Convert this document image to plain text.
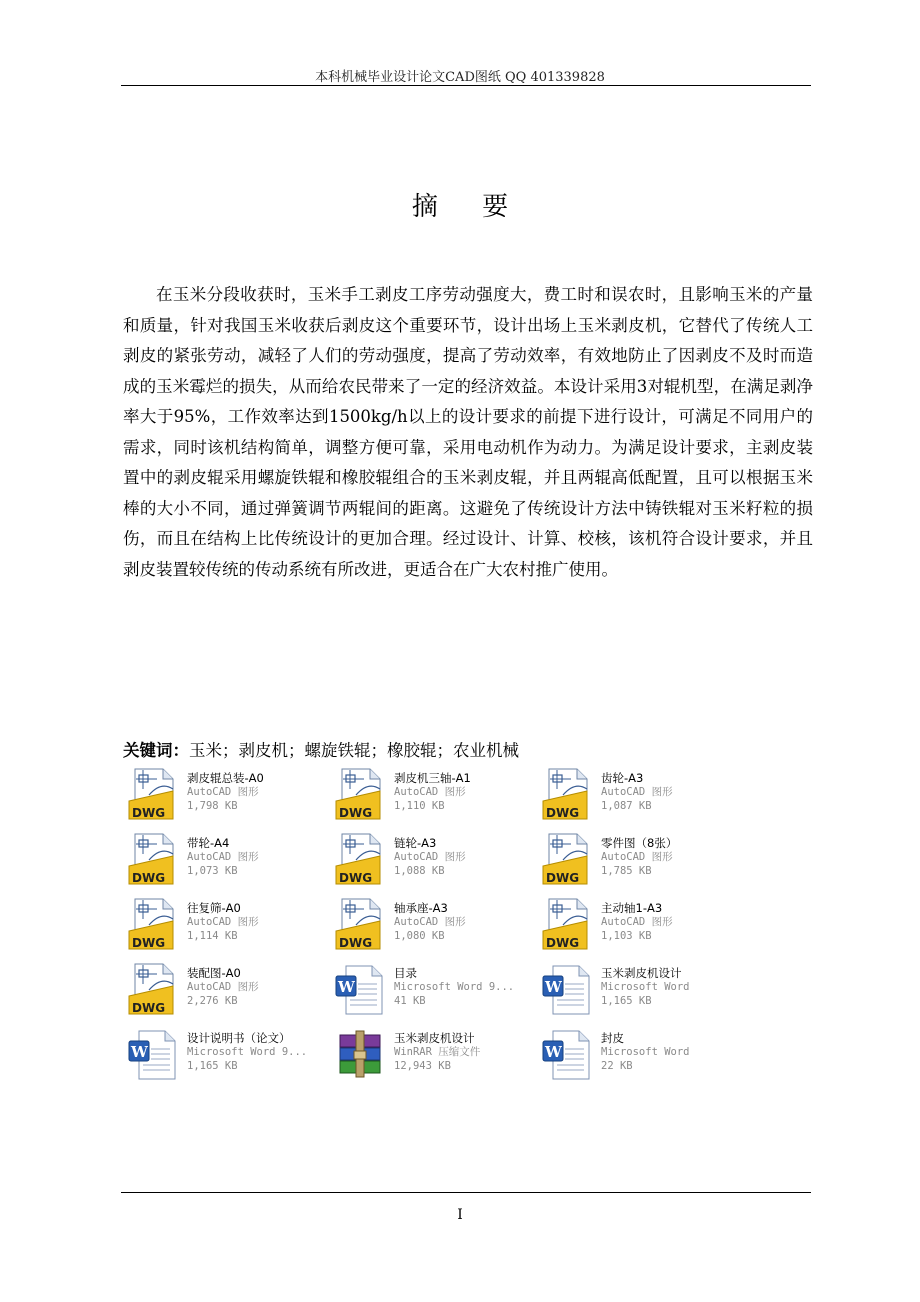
本科机械毕业设计论文CAD图纸 QQ 401339828
摘 要

在玉米分段收获时，玉米手工剥皮工序劳动强度大，费工时和误农时，且影响玉米的产量和质量，针对我国玉米收获后剥皮这个重要环节，设计出场上玉米剥皮机，它替代了传统人工剥皮的紧张劳动，减轻了人们的劳动强度，提高了劳动效率，有效地防止了因剥皮不及时而造成的玉米霉烂的损失，从而给农民带来了一定的经济效益。本设计采用3对辊机型，在满足剥净率大于95%，工作效率达到1500kg/h以上的设计要求的前提下进行设计，可满足不同用户的需求，同时该机结构简单，调整方便可靠，采用电动机作为动力。为满足设计要求，主剥皮装置中的剥皮辊采用螺旋铁辊和橡胶辊组合的玉米剥皮辊，并且两辊高低配置，且可以根据玉米棒的大小不同，通过弹簧调节两辊间的距离。这避免了传统设计方法中铸铁辊对玉米籽粒的损伤，而且在结构上比传统设计的更加合理。经过设计、计算、校核，该机符合设计要求，并且剥皮装置较传统的传动系统有所改进，更适合在广大农村推广使用。

关键词：玉米；剥皮机；螺旋铁辊；橡胶辊；农业机械
DWG
剥皮辊总装-A0
AutoCAD 图形
1,798 KB	DWG
剥皮机三轴-A1
AutoCAD 图形
1,110 KB	DWG
齿轮-A3
AutoCAD 图形
1,087 KB
DWG
带轮-A4
AutoCAD 图形
1,073 KB	DWG
链轮-A3
AutoCAD 图形
1,088 KB	DWG
零件图（8张）
AutoCAD 图形
1,785 KB
DWG
往复筛-A0
AutoCAD 图形
1,114 KB	DWG
轴承座-A3
AutoCAD 图形
1,080 KB	DWG
主动轴1-A3
AutoCAD 图形
1,103 KB
DWG
装配图-A0
AutoCAD 图形
2,276 KB
W
目录
Microsoft Word 9...
41 KB
W
玉米剥皮机设计
Microsoft Word
1,165 KB
W
设计说明书（论文）
Microsoft Word 9...
1,165 KB
玉米剥皮机设计
WinRAR 压缩文件
12,943 KB
W
封皮
Microsoft Word
22 KB
I
